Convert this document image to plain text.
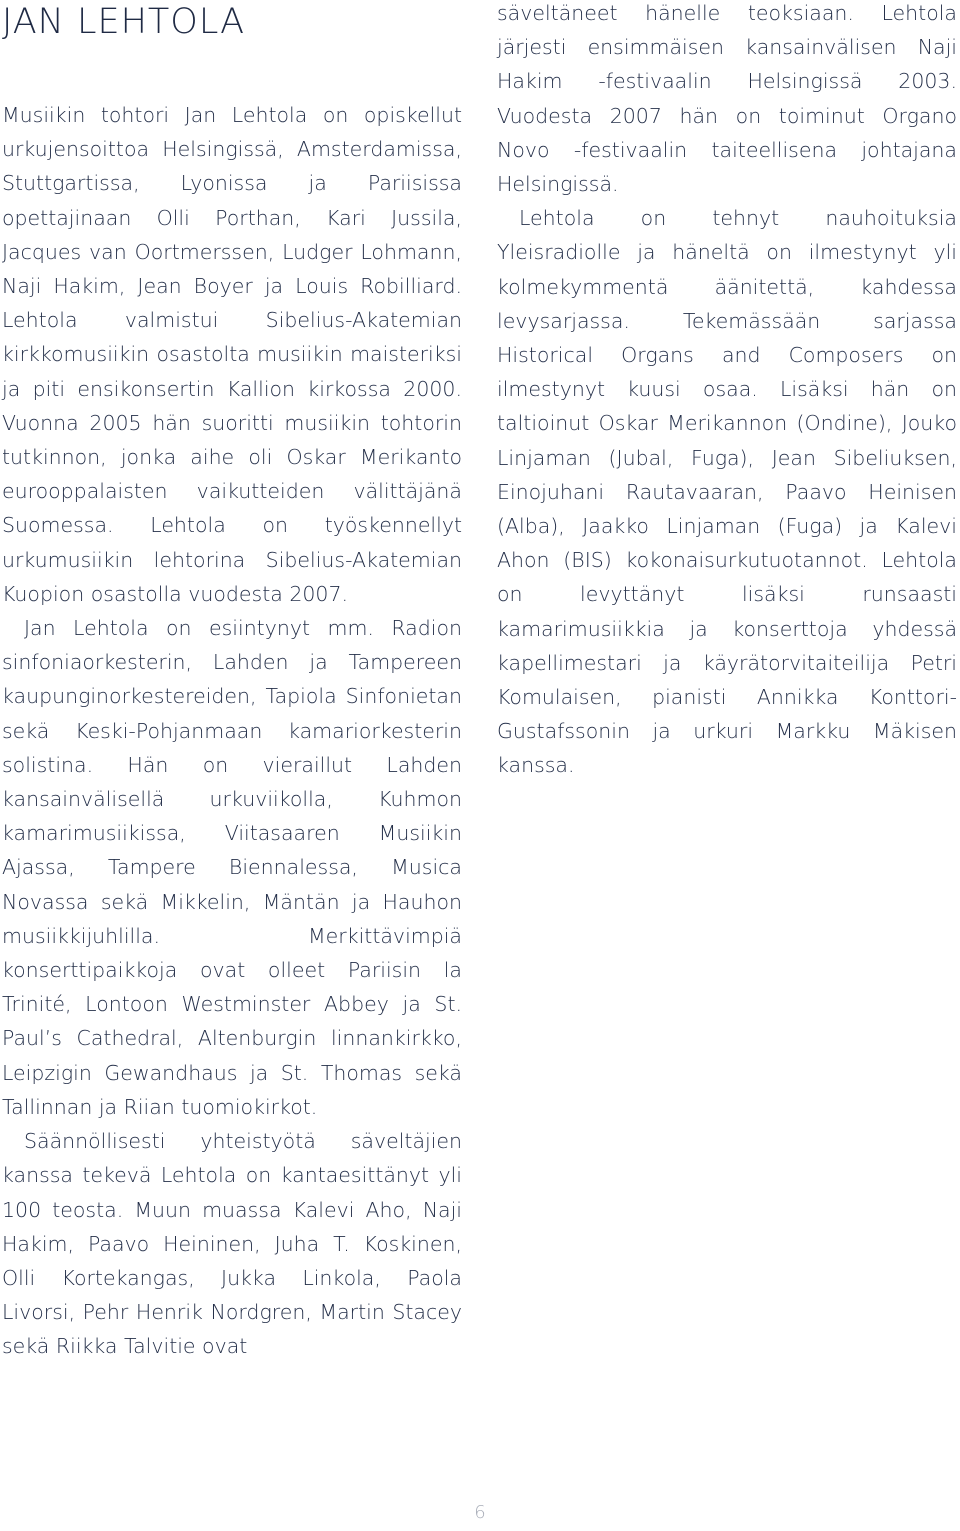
JAN LEHTOLA

Musiikin tohtori Jan Lehtola on opiskellut urkujensoittoa Helsingissä, Amsterdamissa, Stuttgartissa, Lyonissa ja Pariisissa opettajinaan Olli Porthan, Kari Jussila, Jacques van Oortmerssen, Ludger Lohmann, Naji Hakim, Jean Boyer ja Louis Robilliard. Lehtola valmistui Sibelius-Akatemian kirkkomusiikin osastolta musiikin maisteriksi ja piti ensikonsertin Kallion kirkossa 2000. Vuonna 2005 hän suoritti musiikin tohtorin tutkinnon, jonka aihe oli Oskar Merikanto eurooppalaisten vaikutteiden välittäjänä Suomessa. Lehtola on työskennellyt urkumusiikin lehtorina Sibelius-Akatemian Kuopion osastolla vuodesta 2007.

Jan Lehtola on esiintynyt mm. Radion sinfoniaorkesterin, Lahden ja Tampereen kaupunginorkestereiden, Tapiola Sinfonietan sekä Keski-Pohjanmaan kamariorkesterin solistina. Hän on vieraillut Lahden kansainvälisellä urkuviikolla, Kuhmon kamarimusiikissa, Viitasaaren Musiikin Ajassa, Tampere Biennalessa, Musica Novassa sekä Mikkelin, Mäntän ja Hauhon musiikkijuhlilla. Merkittävimpiä konserttipaikkoja ovat olleet Pariisin la Trinité, Lontoon Westminster Abbey ja St. Paul’s Cathedral, Altenburgin linnankirkko, Leipzigin Gewandhaus ja St. Thomas sekä Tallinnan ja Riian tuomiokirkot.

Säännöllisesti yhteistyötä säveltäjien kanssa tekevä Lehtola on kantaesittänyt yli 100 teosta. Muun muassa Kalevi Aho, Naji Hakim, Paavo Heininen, Juha T. Koskinen, Olli Kortekangas, Jukka Linkola, Paola Livorsi, Pehr Henrik Nordgren, Martin Stacey sekä Riikka Talvitie ovat

säveltäneet hänelle teoksiaan. Lehtola järjesti ensimmäisen kansainvälisen Naji Hakim -festivaalin Helsingissä 2003. Vuodesta 2007 hän on toiminut Organo Novo -festivaalin taiteellisena johtajana Helsingissä.

Lehtola on tehnyt nauhoituksia Yleisradiolle ja häneltä on ilmestynyt yli kolmekymmentä äänitettä, kahdessa levysarjassa. Tekemässään sarjassa Historical Organs and Composers on ilmestynyt kuusi osaa. Lisäksi hän on taltioinut Oskar Merikannon (Ondine), Jouko Linjaman (Jubal, Fuga), Jean Sibeliuksen, Einojuhani Rautavaaran, Paavo Heinisen (Alba), Jaakko Linjaman (Fuga) ja Kalevi Ahon (BIS) kokonaisurkutuotannot. Lehtola on levyttänyt lisäksi runsaasti kamarimusiikkia ja konserttoja yhdessä kapellimestari ja käyrätorvitaiteilija Petri Komulaisen, pianisti Annikka Konttori-Gustafssonin ja urkuri Markku Mäkisen kanssa.

6
